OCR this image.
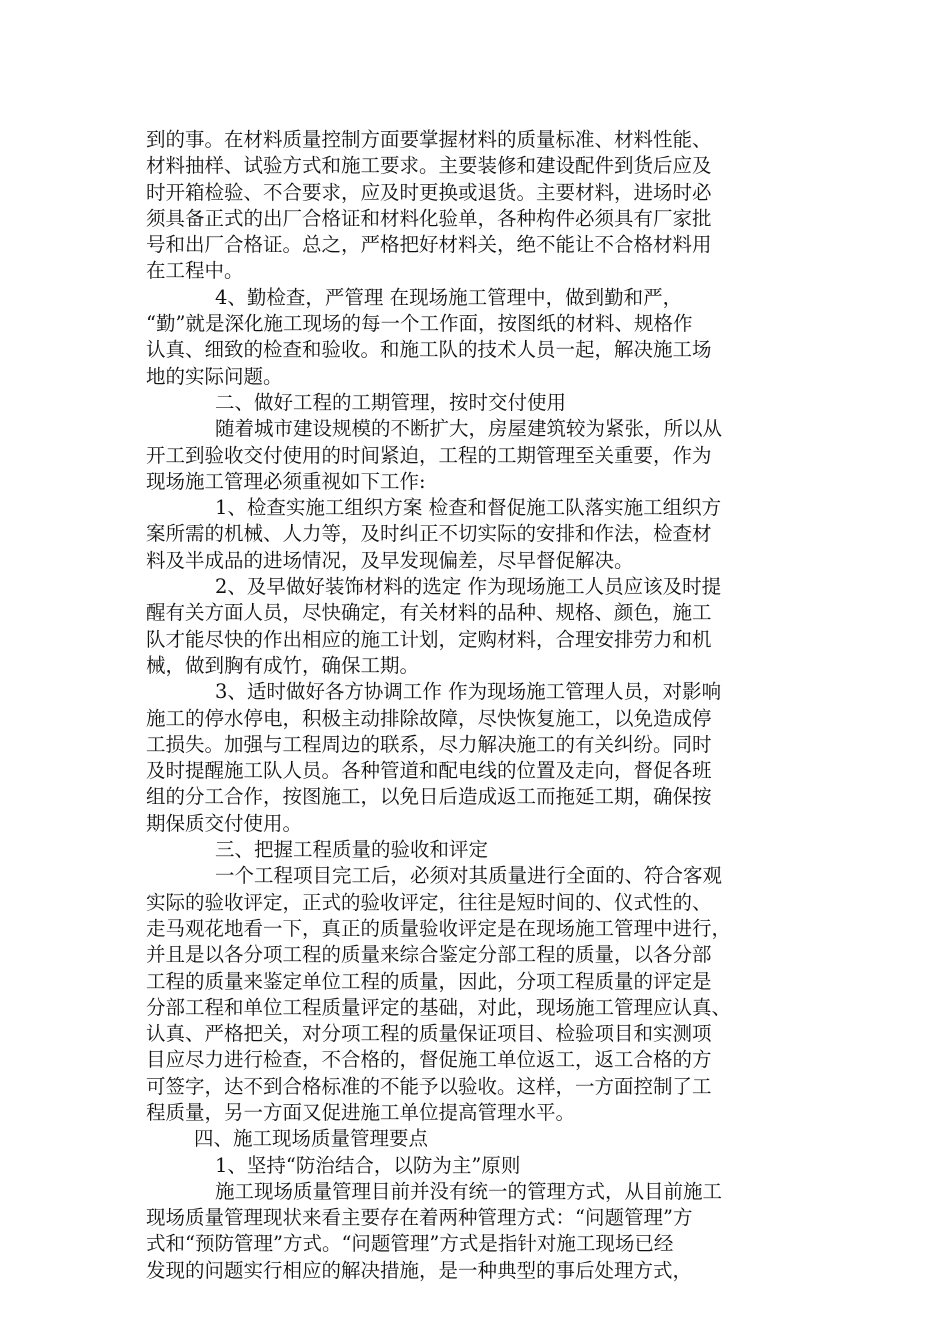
到的事。在材料质量控制方面要掌握材料的质量标准、材料性能、
材料抽样、试验方式和施工要求。主要装修和建设配件到货后应及
时开箱检验、不合要求，应及时更换或退货。主要材料，进场时必
须具备正式的出厂合格证和材料化验单，各种构件必须具有厂家批
号和出厂合格证。总之，严格把好材料关，绝不能让不合格材料用
在工程中。
4、勤检查，严管理 在现场施工管理中，做到勤和严，
“勤”就是深化施工现场的每一个工作面，按图纸的材料、规格作
认真、细致的检查和验收。和施工队的技术人员一起，解决施工场
地的实际问题。
二、做好工程的工期管理，按时交付使用
随着城市建设规模的不断扩大，房屋建筑较为紧张，所以从
开工到验收交付使用的时间紧迫，工程的工期管理至关重要，作为
现场施工管理必须重视如下工作:
1、检查实施工组织方案 检查和督促施工队落实施工组织方
案所需的机械、人力等，及时纠正不切实际的安排和作法，检查材
料及半成品的进场情况，及早发现偏差，尽早督促解决。
2、及早做好装饰材料的选定 作为现场施工人员应该及时提
醒有关方面人员，尽快确定，有关材料的品种、规格、颜色，施工
队才能尽快的作出相应的施工计划，定购材料，合理安排劳力和机
械，做到胸有成竹，确保工期。
3、适时做好各方协调工作 作为现场施工管理人员，对影响
施工的停水停电，积极主动排除故障，尽快恢复施工，以免造成停
工损失。加强与工程周边的联系，尽力解决施工的有关纠纷。同时
及时提醒施工队人员。各种管道和配电线的位置及走向，督促各班
组的分工合作，按图施工，以免日后造成返工而拖延工期，确保按
期保质交付使用。
三、把握工程质量的验收和评定
一个工程项目完工后，必须对其质量进行全面的、符合客观
实际的验收评定，正式的验收评定，往往是短时间的、仪式性的、
走马观花地看一下，真正的质量验收评定是在现场施工管理中进行，
并且是以各分项工程的质量来综合鉴定分部工程的质量，以各分部
工程的质量来鉴定单位工程的质量，因此，分项工程质量的评定是
分部工程和单位工程质量评定的基础，对此，现场施工管理应认真、
认真、严格把关，对分项工程的质量保证项目、检验项目和实测项
目应尽力进行检查，不合格的，督促施工单位返工，返工合格的方
可签字，达不到合格标准的不能予以验收。这样，一方面控制了工
程质量，另一方面又促进施工单位提高管理水平。
四、施工现场质量管理要点
1、坚持“防治结合，以防为主”原则
施工现场质量管理目前并没有统一的管理方式，从目前施工
现场质量管理现状来看主要存在着两种管理方式：“问题管理”方
式和“预防管理”方式。“问题管理”方式是指针对施工现场已经
发现的问题实行相应的解决措施，是一种典型的事后处理方式，
